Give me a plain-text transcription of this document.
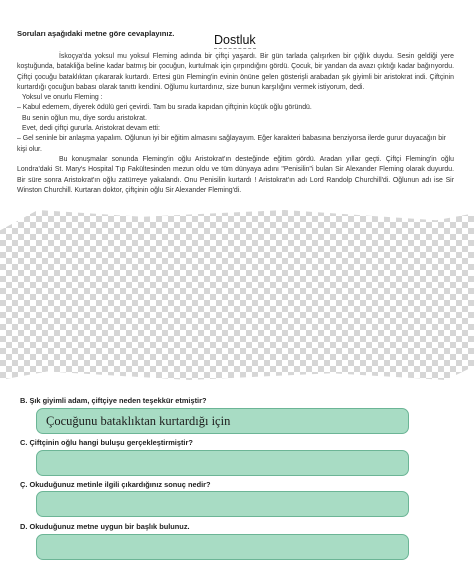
Soruları aşağıdaki metne göre cevaplayınız.	Dostluk

İskoçya'da yoksul mu yoksul Fleming adında bir çiftçi yaşardı. Bir gün tarlada çalışırken bir çığlık duydu. Sesin geldiği yere koştuğunda, batakliğa beline kadar batmış bir çocuğun, kurtulmak için çırpındığını gördü. Çocuk, bir yandan da avazı çıktığı kadar bağırıyordu. Çiftçi çocuğu bataklıktan çıkararak kurtardı. Ertesi gün Fleming'in evinin önüne gelen gösterişli arabadan şık giyimli bir aristokrat indi. Çiftçinin kurtardığı çocuğun babası olarak tanıttı kendini. Oğlumu kurtardınız, size bunun karşılığını vermek istiyorum, dedi.

Yoksul ve onurlu Fleming :

– Kabul edemem, diyerek ödülü geri çevirdi. Tam bu sırada kapıdan çiftçinin küçük oğlu göründü.

Bu senin oğlun mu, diye sordu aristokrat.

Evet, dedi çiftçi gururla. Aristokrat devam etti:

– Gel seninle bir anlaşma yapalım. Oğlunun iyi bir eğitim almasını sağlayayım. Eğer karakteri babasına benziyorsa ilerde gurur duyacağın bir kişi olur.

Bu konuşmalar sonunda Fleming'in oğlu Aristokrat'ın desteğinde eğitim gördü. Aradan yıllar geçti. Çiftçi Fleming'in oğlu Londra'daki St. Mary's Hospital Tıp Fakültesinden mezun oldu ve tüm dünyaya adını "Penisilin"i bulan Sir Alexander Fleming olarak duyurdu. Bir süre sonra Aristokrat'ın oğlu zatürreye yakalandı. Onu Penisilin kurtardı ! Aristokrat'ın adı Lord Randolp Churchill'di. Oğlunun adı ise Sir Winston Churchill. Kurtaran doktor, çiftçinin oğlu Sir Alexander Fleming'di.

B. Şık giyimli adam, çiftçiye neden teşekkür etmiştir?
Çocuğunu bataklıktan kurtardığı için
C. Çiftçinin oğlu hangi buluşu gerçekleştirmiştir?
Ç. Okuduğunuz metinle ilgili çıkardığınız sonuç nedir?
D. Okuduğunuz metne uygun bir başlık bulunuz.
